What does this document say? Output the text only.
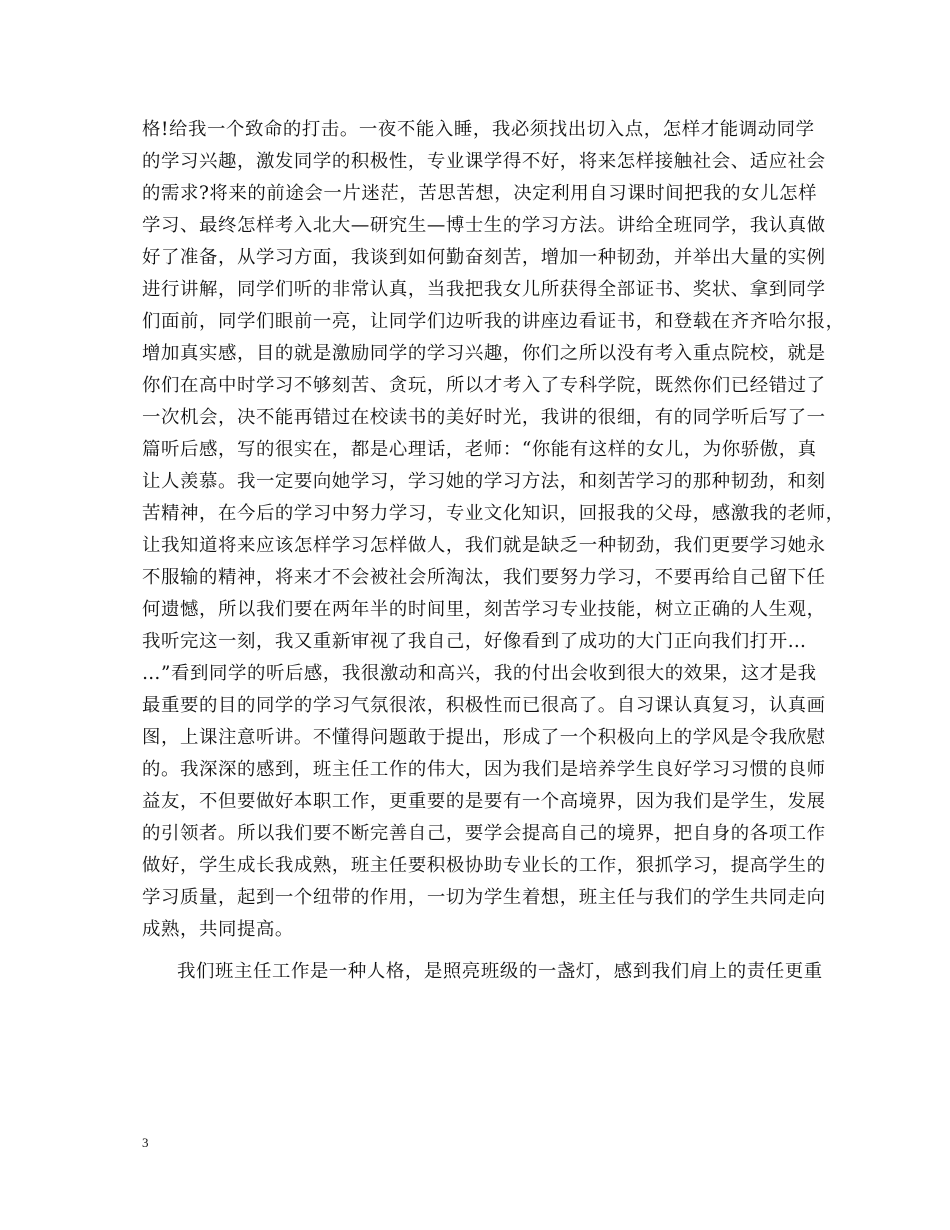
格!给我一个致命的打击。一夜不能入睡，我必须找出切入点，怎样才能调动同学
的学习兴趣，激发同学的积极性，专业课学得不好，将来怎样接触社会、适应社会
的需求?将来的前途会一片迷茫，苦思苦想，决定利用自习课时间把我的女儿怎样
学习、最终怎样考入北大—研究生—博士生的学习方法。讲给全班同学，我认真做
好了准备，从学习方面，我谈到如何勤奋刻苦，增加一种韧劲，并举出大量的实例
进行讲解，同学们听的非常认真，当我把我女儿所获得全部证书、奖状、拿到同学
们面前，同学们眼前一亮，让同学们边听我的讲座边看证书，和登载在齐齐哈尔报，
增加真实感，目的就是激励同学的学习兴趣，你们之所以没有考入重点院校，就是
你们在高中时学习不够刻苦、贪玩，所以才考入了专科学院，既然你们已经错过了
一次机会，决不能再错过在校读书的美好时光，我讲的很细，有的同学听后写了一
篇听后感，写的很实在，都是心理话，老师：“你能有这样的女儿，为你骄傲，真
让人羡慕。我一定要向她学习，学习她的学习方法，和刻苦学习的那种韧劲，和刻
苦精神，在今后的学习中努力学习，专业文化知识，回报我的父母，感激我的老师，
让我知道将来应该怎样学习怎样做人，我们就是缺乏一种韧劲，我们更要学习她永
不服输的精神，将来才不会被社会所淘汰，我们要努力学习，不要再给自己留下任
何遗憾，所以我们要在两年半的时间里，刻苦学习专业技能，树立正确的人生观，
我听完这一刻，我又重新审视了我自己，好像看到了成功的大门正向我们打开…
…”看到同学的听后感，我很激动和高兴，我的付出会收到很大的效果，这才是我
最重要的目的同学的学习气氛很浓，积极性而已很高了。自习课认真复习，认真画
图，上课注意听讲。不懂得问题敢于提出，形成了一个积极向上的学风是令我欣慰
的。我深深的感到，班主任工作的伟大，因为我们是培养学生良好学习习惯的良师
益友，不但要做好本职工作，更重要的是要有一个高境界，因为我们是学生，发展
的引领者。所以我们要不断完善自己，要学会提高自己的境界，把自身的各项工作
做好，学生成长我成熟，班主任要积极协助专业长的工作，狠抓学习，提高学生的
学习质量，起到一个纽带的作用，一切为学生着想，班主任与我们的学生共同走向
成熟，共同提高。
我们班主任工作是一种人格，是照亮班级的一盏灯，感到我们肩上的责任更重
3
